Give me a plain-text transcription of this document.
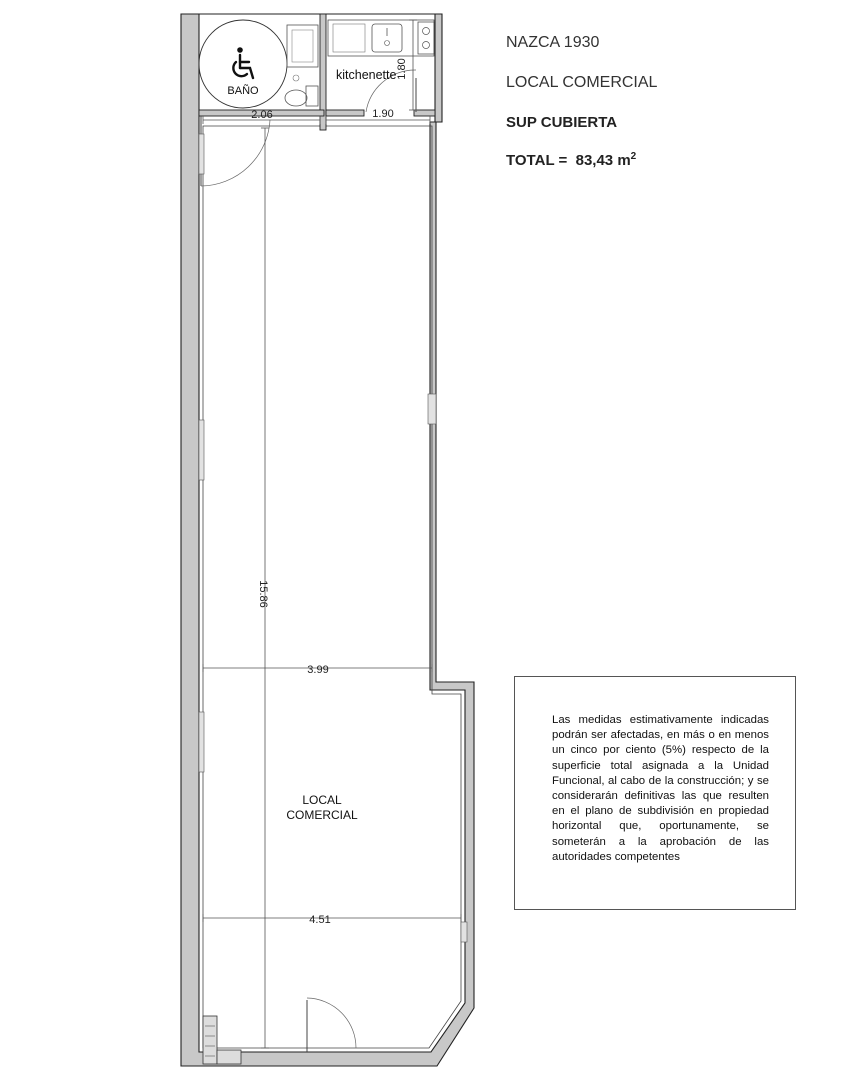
BAÑO
kitchenette
LOCAL
COMERCIAL
2.06	1.90
1.80
15.86
3.99
4.51
NAZCA 1930
LOCAL COMERCIAL
SUP CUBIERTA
TOTAL = 83,43 $m^2$
Las medidas estimativamente indicadas podrán ser afectadas, en más o en menos un cinco por ciento (5%) respecto de la superficie total asignada a la Unidad Funcional, al cabo de la construcción; y se considerarán definitivas las que resulten en el plano de subdivisión en propiedad horizontal que, oportunamente, se someterán a la aprobación de las autoridades competentes
